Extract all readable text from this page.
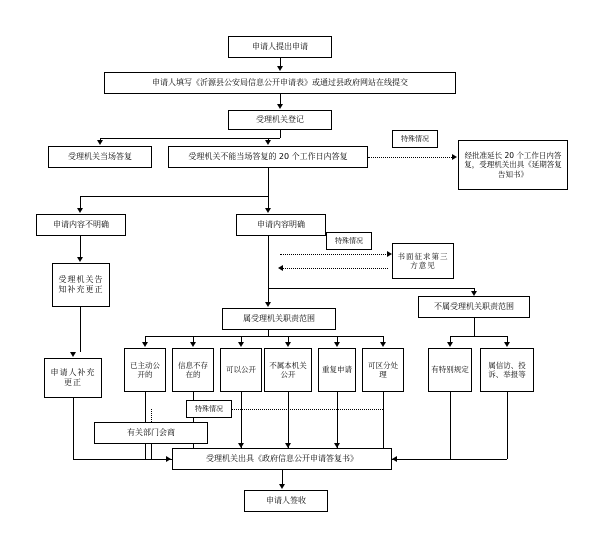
申请人提出申请
申请人填写《沂源县公安局信息公开申请表》或通过县政府网站在线提交
受理机关登记
受理机关当场答复	受理机关不能当场答复的 20 个工作日内答复	经批准延长 20 个工作日内答复，受理机关出具《延期答复告知书》
申请内容不明确	申请内容明确
书面征求第三方意见
受理机关告知补充更正
属受理机关职责范围
不属受理机关职责范围
申请人补充更正
已主动公开的
信息不存在的
可以公开
不属本机关公开
重复申请
可区分处理
有特别规定
属信访、投诉、举报等
有关部门会商
受理机关出具《政府信息公开申请答复书》
申请人签收
特殊情况
特殊情况
特殊情况
